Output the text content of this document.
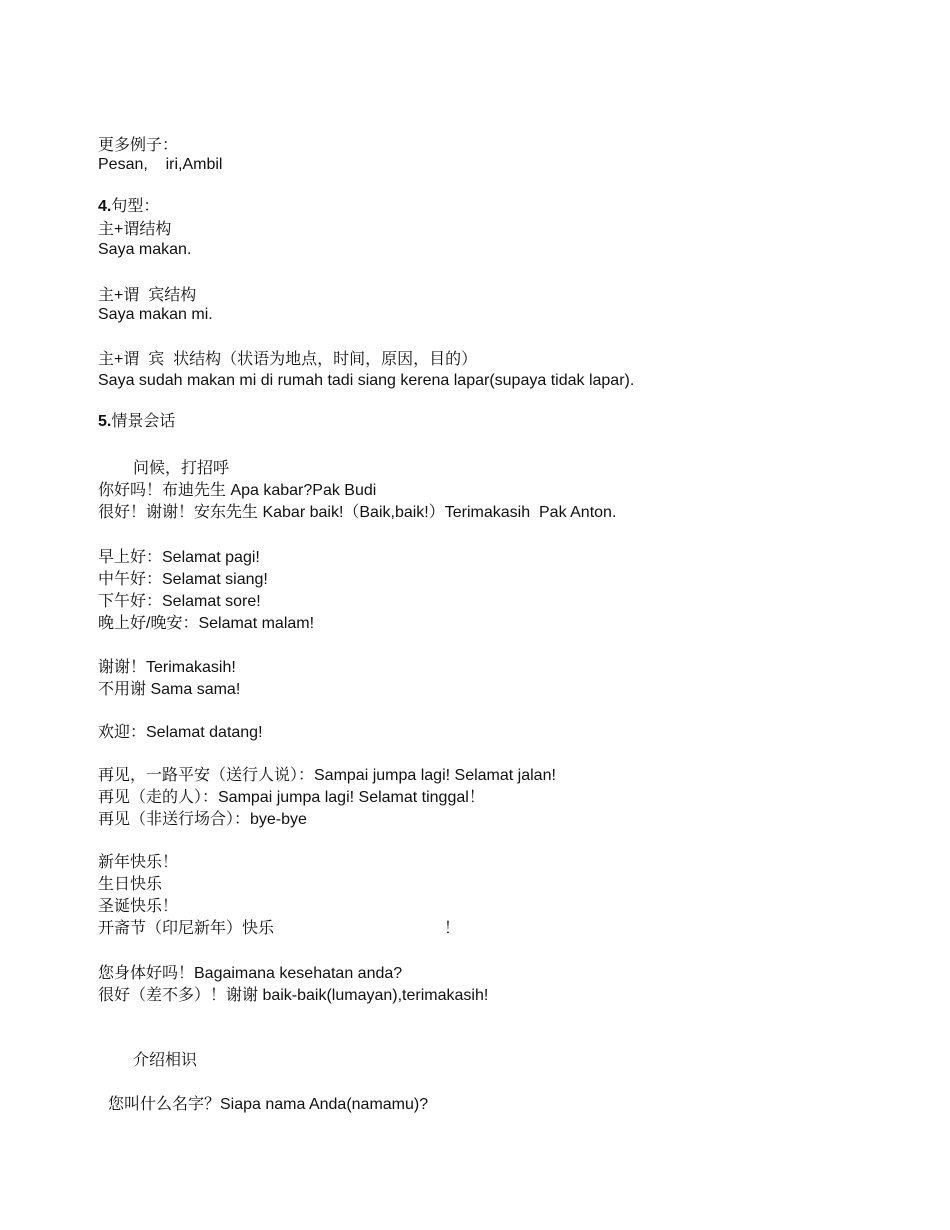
更多例子：
Pesan,    iri,Ambil
4.句型：
主+谓结构
Saya makan.
主+谓  宾结构
Saya makan mi.
主+谓  宾  状结构（状语为地点，时间，原因，目的）
Saya sudah makan mi di rumah tadi siang kerena lapar(supaya tidak lapar).
5.情景会话
问候，打招呼
你好吗！布迪先生 Apa kabar?Pak Budi
很好！谢谢！安东先生 Kabar baik!（Baik,baik!）Terimakasih  Pak Anton.
早上好：Selamat pagi!
中午好：Selamat siang!
下午好：Selamat sore!
晚上好/晚安：Selamat malam!
谢谢！Terimakasih!
不用谢 Sama sama!
欢迎：Selamat datang!
再见，一路平安（送行人说）：Sampai jumpa lagi! Selamat jalan!
再见（走的人）：Sampai jumpa lagi! Selamat tinggal！
再见（非送行场合）：bye-bye
新年快乐！
生日快乐
圣诞快乐！
开斋节（印尼新年）快乐	！
您身体好吗！Bagaimana kesehatan anda?
很好（差不多）！谢谢 baik-baik(lumayan),terimakasih!
介绍相识
您叫什么名字？Siapa nama Anda(namamu)?
